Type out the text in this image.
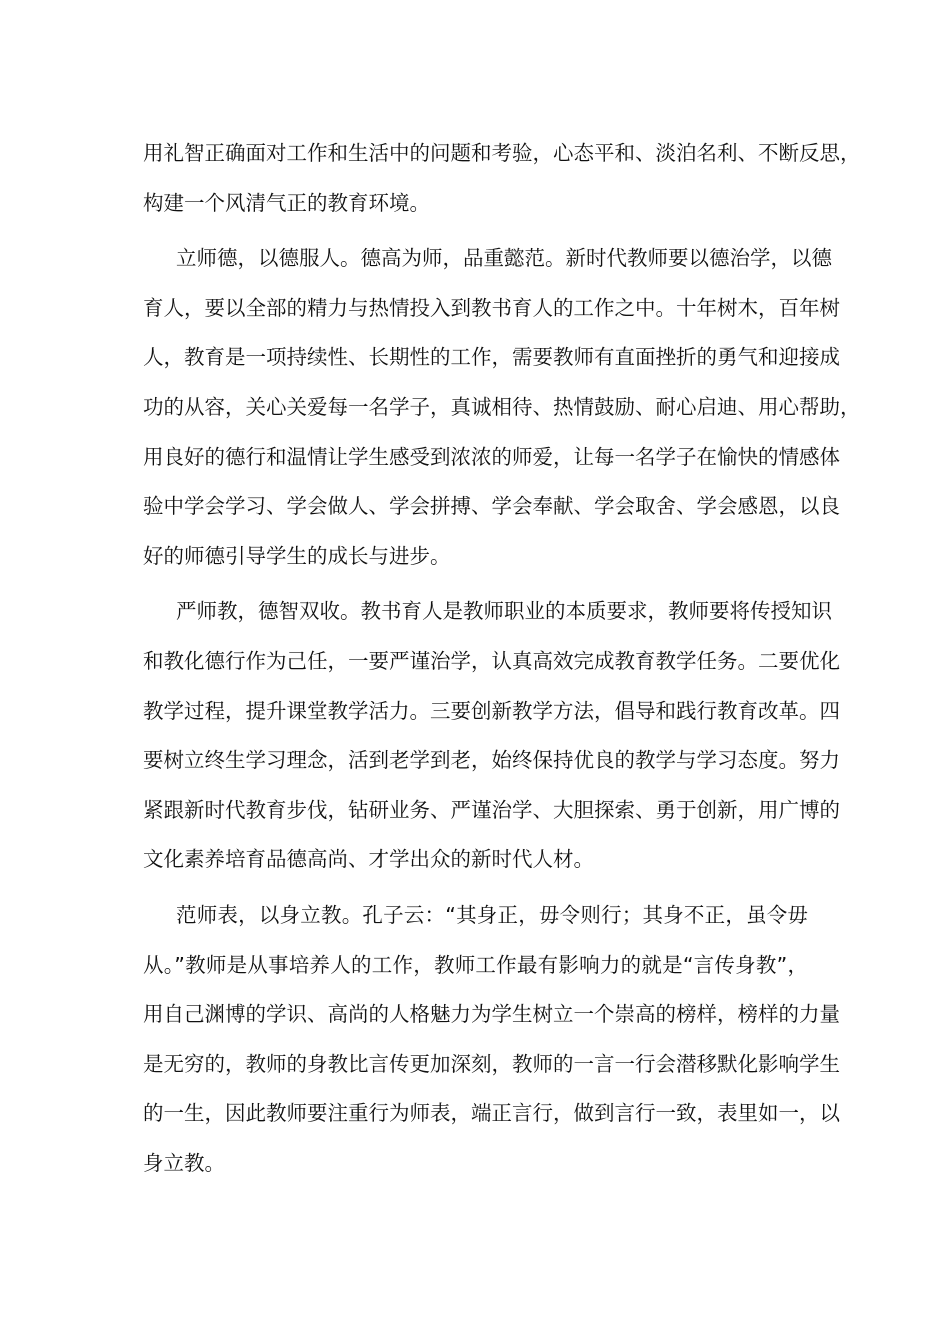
用礼智正确面对工作和生活中的问题和考验，心态平和、淡泊名利、不断反思，
构建一个风清气正的教育环境。
立师德，以德服人。德高为师，品重懿范。新时代教师要以德治学，以德
育人，要以全部的精力与热情投入到教书育人的工作之中。十年树木，百年树
人，教育是一项持续性、长期性的工作，需要教师有直面挫折的勇气和迎接成
功的从容，关心关爱每一名学子，真诚相待、热情鼓励、耐心启迪、用心帮助，
用良好的德行和温情让学生感受到浓浓的师爱，让每一名学子在愉快的情感体
验中学会学习、学会做人、学会拼搏、学会奉献、学会取舍、学会感恩，以良
好的师德引导学生的成长与进步。
严师教，德智双收。教书育人是教师职业的本质要求，教师要将传授知识
和教化德行作为己任，一要严谨治学，认真高效完成教育教学任务。二要优化
教学过程，提升课堂教学活力。三要创新教学方法，倡导和践行教育改革。四
要树立终生学习理念，活到老学到老，始终保持优良的教学与学习态度。努力
紧跟新时代教育步伐，钻研业务、严谨治学、大胆探索、勇于创新，用广博的
文化素养培育品德高尚、才学出众的新时代人材。
范师表，以身立教。孔子云：“其身正，毋令则行；其身不正，虽令毋
从。”教师是从事培养人的工作，教师工作最有影响力的就是“言传身教”，
用自己渊博的学识、高尚的人格魅力为学生树立一个崇高的榜样，榜样的力量
是无穷的，教师的身教比言传更加深刻，教师的一言一行会潜移默化影响学生
的一生，因此教师要注重行为师表，端正言行，做到言行一致，表里如一，以
身立教。
